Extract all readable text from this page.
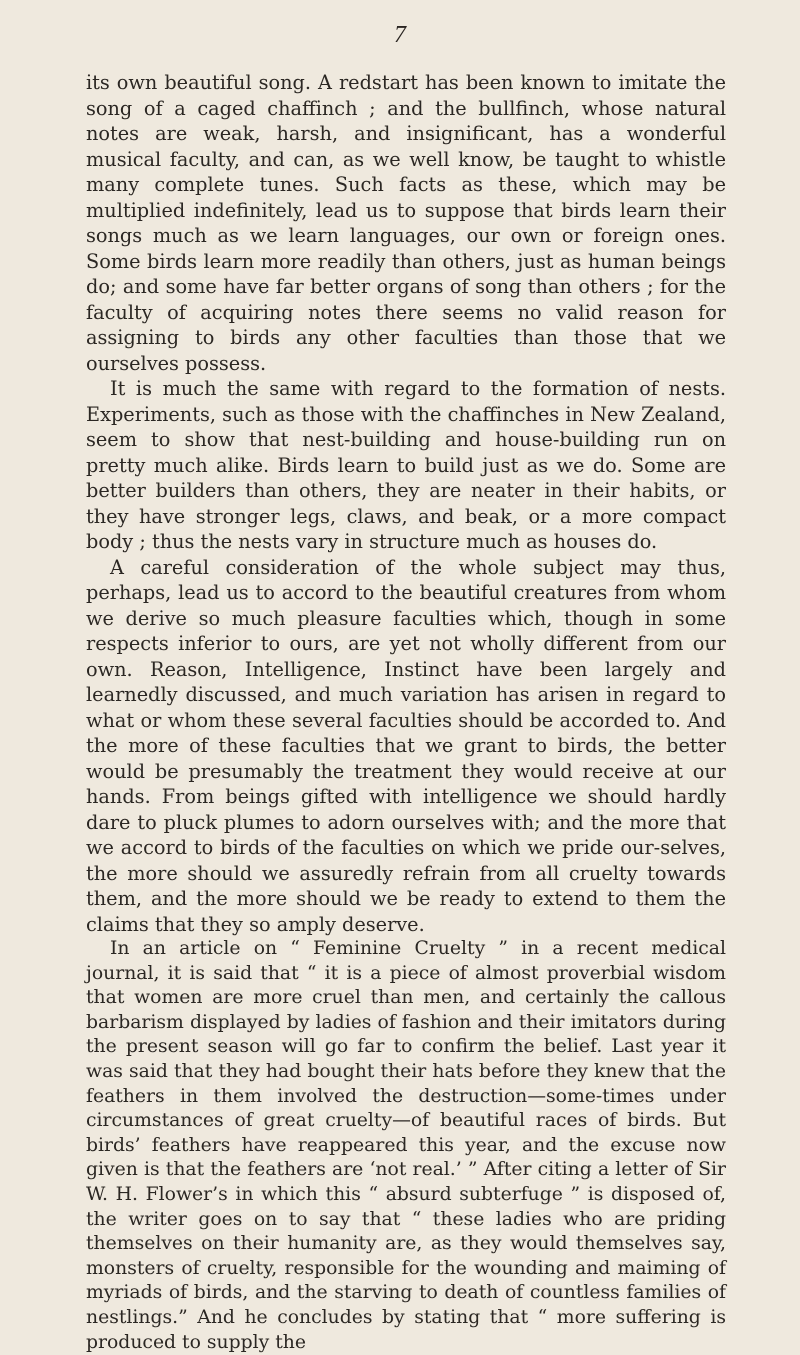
7

its own beautiful song. A redstart has been known to imitate the song of a caged chaffinch ; and the bullfinch, whose natural notes are weak, harsh, and insignificant, has a wonderful musical faculty, and can, as we well know, be taught to whistle many complete tunes. Such facts as these, which may be multiplied indefinitely, lead us to suppose that birds learn their songs much as we learn languages, our own or foreign ones. Some birds learn more readily than others, just as human beings do; and some have far better organs of song than others ; for the faculty of acquiring notes there seems no valid reason for assigning to birds any other faculties than those that we ourselves possess.

It is much the same with regard to the formation of nests. Experiments, such as those with the chaffinches in New Zealand, seem to show that nest-building and house-building run on pretty much alike. Birds learn to build just as we do. Some are better builders than others, they are neater in their habits, or they have stronger legs, claws, and beak, or a more compact body ; thus the nests vary in structure much as houses do.

A careful consideration of the whole subject may thus, perhaps, lead us to accord to the beautiful creatures from whom we derive so much pleasure faculties which, though in some respects inferior to ours, are yet not wholly different from our own. Reason, Intelligence, Instinct have been largely and learnedly discussed, and much variation has arisen in regard to what or whom these several faculties should be accorded to. And the more of these faculties that we grant to birds, the better would be presumably the treatment they would receive at our hands. From beings gifted with intelligence we should hardly dare to pluck plumes to adorn ourselves with; and the more that we accord to birds of the faculties on which we pride our-selves, the more should we assuredly refrain from all cruelty towards them, and the more should we be ready to extend to them the claims that they so amply deserve.

In an article on “ Feminine Cruelty ” in a recent medical journal, it is said that “ it is a piece of almost proverbial wisdom that women are more cruel than men, and certainly the callous barbarism displayed by ladies of fashion and their imitators during the present season will go far to confirm the belief. Last year it was said that they had bought their hats before they knew that the feathers in them involved the destruction—some-times under circumstances of great cruelty—of beautiful races of birds. But birds’ feathers have reappeared this year, and the excuse now given is that the feathers are ‘not real.’ ” After citing a letter of Sir W. H. Flower’s in which this “ absurd subterfuge ” is disposed of, the writer goes on to say that “ these ladies who are priding themselves on their humanity are, as they would themselves say, monsters of cruelty, responsible for the wounding and maiming of myriads of birds, and the starving to death of countless families of nestlings.” And he concludes by stating that “ more suffering is produced to supply the
